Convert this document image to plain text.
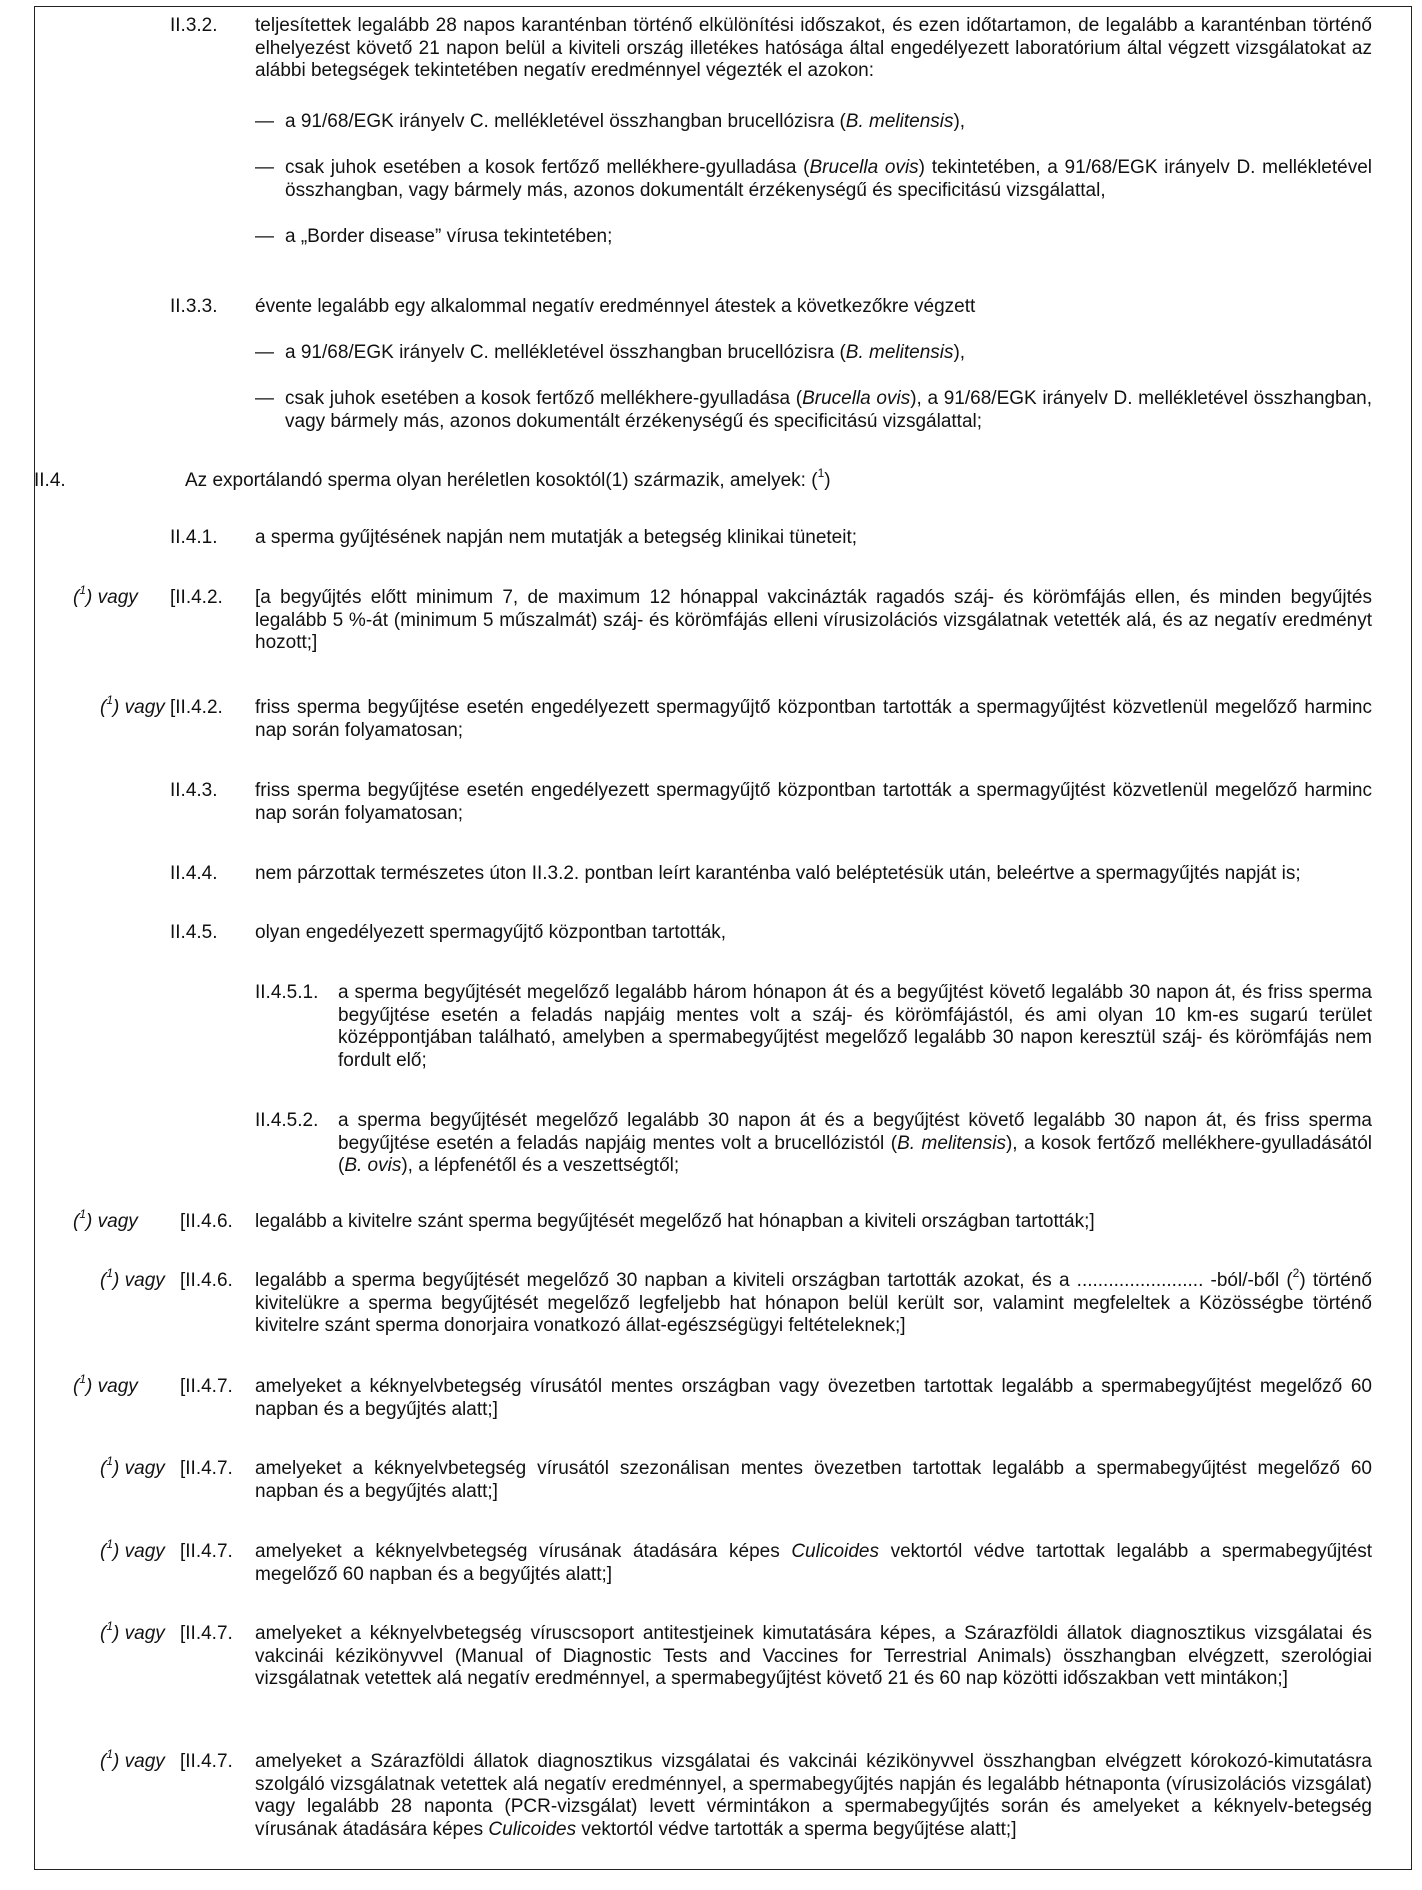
II.3.2. teljesítettek legalább 28 napos karanténban történő elkülönítési időszakot, és ezen időtartamon, de legalább a karanténban történő elhelyezést követő 21 napon belül a kiviteli ország illetékes hatósága által engedélyezett laboratórium által végzett vizsgálatokat az alábbi betegségek tekintetében negatív eredménnyel végezték el azokon:
— a 91/68/EGK irányelv C. mellékletével összhangban brucellózisra (B. melitensis),
— csak juhok esetében a kosok fertőző mellékhere-gyulladása (Brucella ovis) tekintetében, a 91/68/EGK irányelv D. mellékletével összhangban, vagy bármely más, azonos dokumentált érzékenységű és specificitású vizsgálattal,
— a „Border disease” vírusa tekintetében;
II.3.3. évente legalább egy alkalommal negatív eredménnyel átestek a következőkre végzett
— a 91/68/EGK irányelv C. mellékletével összhangban brucellózisra (B. melitensis),
— csak juhok esetében a kosok fertőző mellékhere-gyulladása (Brucella ovis), a 91/68/EGK irányelv D. mellékletével összhangban, vagy bármely más, azonos dokumentált érzékenységű és specificitású vizsgálattal;
II.4.	Az exportálandó sperma olyan heréletlen kosoktól(1) származik, amelyek: ($^1$)
II.4.1. a sperma gyűjtésének napján nem mutatják a betegség klinikai tüneteit;
($^1$) vagy [II.4.2. [a begyűjtés előtt minimum 7, de maximum 12 hónappal vakcinázták ragadós száj- és körömfájás ellen, és minden begyűjtés legalább 5 %-át (minimum 5 műszalmát) száj- és körömfájás elleni vírusizolációs vizsgálatnak vetették alá, és az negatív eredményt hozott;]
($^1$) vagy [II.4.2. friss sperma begyűjtése esetén engedélyezett spermagyűjtő központban tartották a spermagyűjtést közvetlenül megelőző harminc nap során folyamatosan;
II.4.3. friss sperma begyűjtése esetén engedélyezett spermagyűjtő központban tartották a spermagyűjtést közvetlenül megelőző harminc nap során folyamatosan;
II.4.4. nem párzottak természetes úton II.3.2. pontban leírt karanténba való beléptetésük után, beleértve a spermagyűjtés napját is;
II.4.5. olyan engedélyezett spermagyűjtő központban tartották,
II.4.5.1. a sperma begyűjtését megelőző legalább három hónapon át és a begyűjtést követő legalább 30 napon át, és friss sperma begyűjtése esetén a feladás napjáig mentes volt a száj- és körömfájástól, és ami olyan 10 km-es sugarú terület középpontjában található, amelyben a spermabegyűjtést megelőző legalább 30 napon keresztül száj- és körömfájás nem fordult elő;
II.4.5.2. a sperma begyűjtését megelőző legalább 30 napon át és a begyűjtést követő legalább 30 napon át, és friss sperma begyűjtése esetén a feladás napjáig mentes volt a brucellózistól (B. melitensis), a kosok fertőző mellékhere-gyulladásától (B. ovis), a lépfenétől és a veszettségtől;
($^1$) vagy [II.4.6. legalább a kivitelre szánt sperma begyűjtését megelőző hat hónapban a kiviteli országban tartották;]
($^1$) vagy [II.4.6. legalább a sperma begyűjtését megelőző 30 napban a kiviteli országban tartották azokat, és a ........................ -ból/-ből ($^2$) történő kivitelükre a sperma begyűjtését megelőző legfeljebb hat hónapon belül került sor, valamint megfeleltek a Közösségbe történő kivitelre szánt sperma donorjaira vonatkozó állat-egészségügyi feltételeknek;]
($^1$) vagy [II.4.7. amelyeket a kéknyelvbetegség vírusától mentes országban vagy övezetben tartottak legalább a spermabegyűjtést megelőző 60 napban és a begyűjtés alatt;]
($^1$) vagy [II.4.7. amelyeket a kéknyelvbetegség vírusától szezonálisan mentes övezetben tartottak legalább a spermabegyűjtést megelőző 60 napban és a begyűjtés alatt;]
($^1$) vagy [II.4.7. amelyeket a kéknyelvbetegség vírusának átadására képes Culicoides vektortól védve tartottak legalább a spermabegyűjtést megelőző 60 napban és a begyűjtés alatt;]
($^1$) vagy [II.4.7. amelyeket a kéknyelvbetegség víruscsoport antitestjeinek kimutatására képes, a Szárazföldi állatok diagnosztikus vizsgálatai és vakcinái kézikönyvvel (Manual of Diagnostic Tests and Vaccines for Terrestrial Animals) összhangban elvégzett, szerológiai vizsgálatnak vetettek alá negatív eredménnyel, a spermabegyűjtést követő 21 és 60 nap közötti időszakban vett mintákon;]
($^1$) vagy [II.4.7. amelyeket a Szárazföldi állatok diagnosztikus vizsgálatai és vakcinái kézikönyvvel összhangban elvégzett kórokozó-kimutatásra szolgáló vizsgálatnak vetettek alá negatív eredménnyel, a spermabegyűjtés napján és legalább hétnaponta (vírusizolációs vizsgálat) vagy legalább 28 naponta (PCR-vizsgálat) levett vérmintákon a spermabegyűjtés során és amelyeket a kéknyelv-betegség vírusának átadására képes Culicoides vektortól védve tartották a sperma begyűjtése alatt;]
